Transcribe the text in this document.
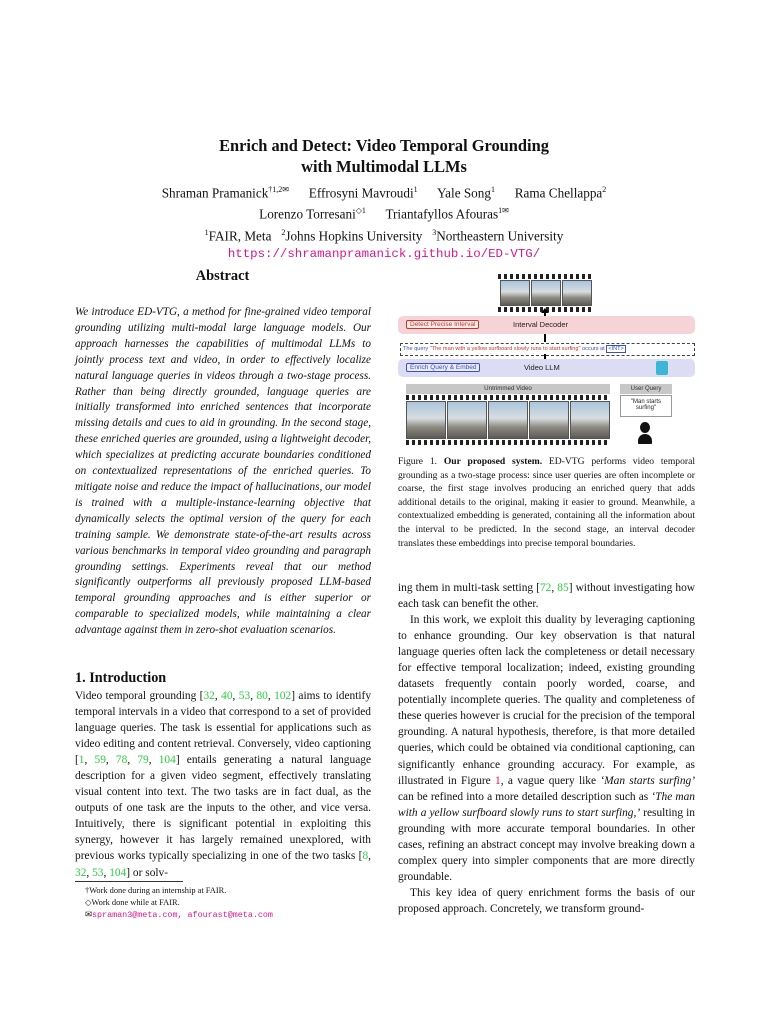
Enrich and Detect: Video Temporal Grounding
with Multimodal LLMs
Shraman Pramanick$^{\dagger 1,2✉}$ Effrosyni Mavroudi$^1$ Yale Song$^1$ Rama Chellappa$^2$
Lorenzo Torresani$^{◇1}$ Triantafyllos Afouras$^{1✉}$
$^1$FAIR, Meta $^2$Johns Hopkins University $^3$Northeastern University
https://shramanpramanick.github.io/ED-VTG/
Abstract
We introduce ED-VTG, a method for fine-grained video temporal grounding utilizing multi-modal large language models. Our approach harnesses the capabilities of multimodal LLMs to jointly process text and video, in order to effectively localize natural language queries in videos through a two-stage process. Rather than being directly grounded, language queries are initially transformed into enriched sentences that incorporate missing details and cues to aid in grounding. In the second stage, these enriched queries are grounded, using a lightweight decoder, which specializes at predicting accurate boundaries conditioned on contextualized representations of the enriched queries. To mitigate noise and reduce the impact of hallucinations, our model is trained with a multiple-instance-learning objective that dynamically selects the optimal version of the query for each training sample. We demonstrate state-of-the-art results across various benchmarks in temporal video grounding and paragraph grounding settings. Experiments reveal that our method significantly outperforms all previously proposed LLM-based temporal grounding approaches and is either superior or comparable to specialized models, while maintaining a clear advantage against them in zero-shot evaluation scenarios.
1. Introduction

Video temporal grounding [32, 40, 53, 80, 102] aims to identify temporal intervals in a video that correspond to a set of provided language queries. The task is essential for applications such as video editing and content retrieval. Conversely, video captioning [1, 59, 78, 79, 104] entails generating a natural language description for a given video segment, effectively translating visual content into text. The two tasks are in fact dual, as the outputs of one task are the inputs to the other, and vice versa. Intuitively, there is significant potential in exploiting this synergy, however it has largely remained unexplored, with previous works typically specializing in one of the two tasks [8, 32, 53, 104] or solv-

†Work done during an internship at FAIR.
◇Work done while at FAIR.
✉spraman3@meta.com, afourast@meta.com
Detect Precise Interval	Interval Decoder
The query "The man with a yellow surfboard slowly runs to start surfing" occurs at <INT>
Enrich Query & Embed	Video LLM
Untrimmed Video	User Query
"Man starts surfing"
Figure 1. Our proposed system. ED-VTG performs video temporal grounding as a two-stage process: since user queries are often incomplete or coarse, the first stage involves producing an enriched query that adds additional details to the original, making it easier to ground. Meanwhile, a contextualized embedding is generated, containing all the information about the interval to be predicted. In the second stage, an interval decoder translates these embeddings into precise temporal boundaries.

ing them in multi-task setting [72, 85] without investigating how each task can benefit the other.

In this work, we exploit this duality by leveraging captioning to enhance grounding. Our key observation is that natural language queries often lack the completeness or detail necessary for effective temporal localization; indeed, existing grounding datasets frequently contain poorly worded, coarse, and potentially incomplete queries. The quality and completeness of these queries however is crucial for the precision of the temporal grounding. A natural hypothesis, therefore, is that more detailed queries, which could be obtained via conditional captioning, can significantly enhance grounding accuracy. For example, as illustrated in Figure 1, a vague query like ‘Man starts surfing’ can be refined into a more detailed description such as ‘The man with a yellow surfboard slowly runs to start surfing,’ resulting in grounding with more accurate temporal boundaries. In other cases, refining an abstract concept may involve breaking down a complex query into simpler components that are more directly groundable.

This key idea of query enrichment forms the basis of our proposed approach. Concretely, we transform ground-
